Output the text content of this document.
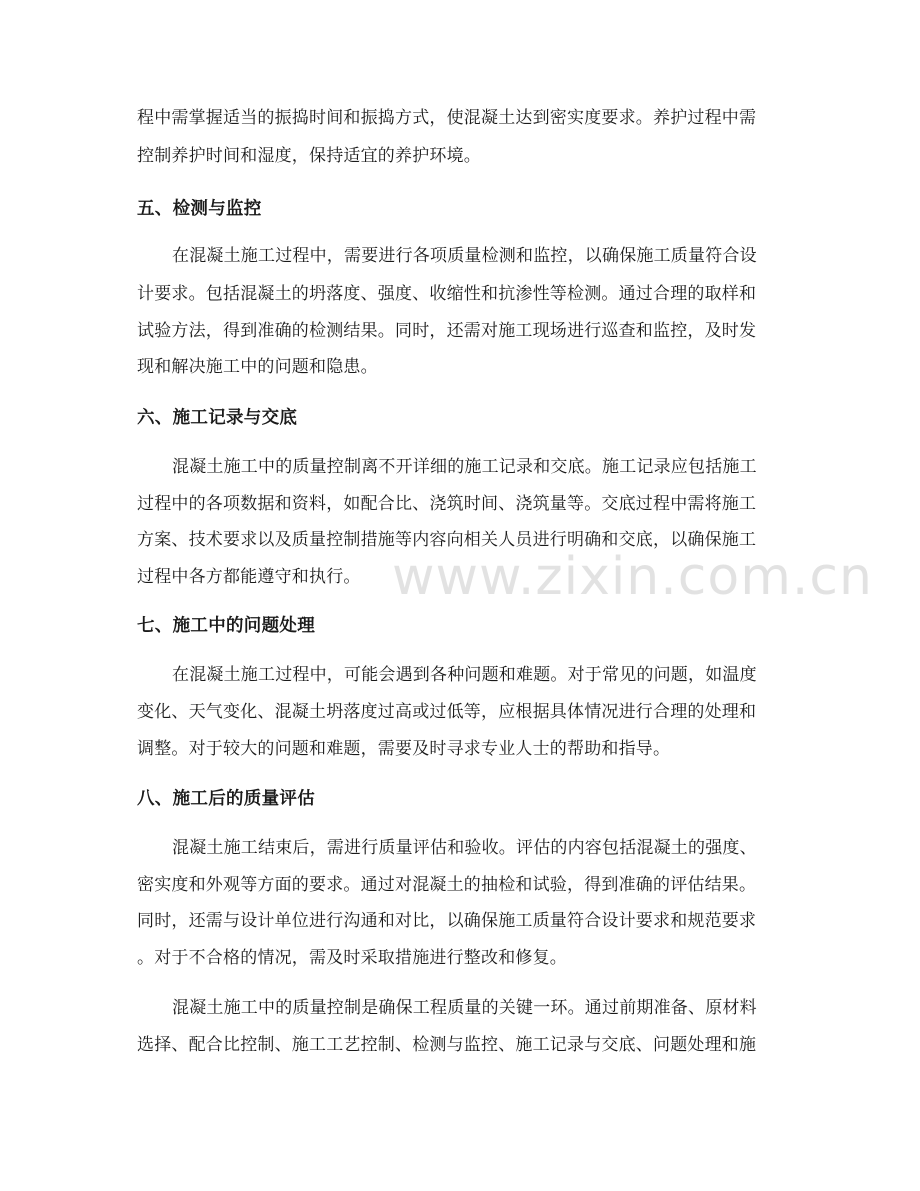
程中需掌握适当的振捣时间和振捣方式，使混凝土达到密实度要求。养护过程中需
控制养护时间和湿度，保持适宜的养护环境。
五、检测与监控
在混凝土施工过程中，需要进行各项质量检测和监控，以确保施工质量符合设
计要求。包括混凝土的坍落度、强度、收缩性和抗渗性等检测。通过合理的取样和
试验方法，得到准确的检测结果。同时，还需对施工现场进行巡查和监控，及时发
现和解决施工中的问题和隐患。
六、施工记录与交底
混凝土施工中的质量控制离不开详细的施工记录和交底。施工记录应包括施工
过程中的各项数据和资料，如配合比、浇筑时间、浇筑量等。交底过程中需将施工
方案、技术要求以及质量控制措施等内容向相关人员进行明确和交底，以确保施工
过程中各方都能遵守和执行。
七、施工中的问题处理
在混凝土施工过程中，可能会遇到各种问题和难题。对于常见的问题，如温度
变化、天气变化、混凝土坍落度过高或过低等，应根据具体情况进行合理的处理和
调整。对于较大的问题和难题，需要及时寻求专业人士的帮助和指导。
八、施工后的质量评估
混凝土施工结束后，需进行质量评估和验收。评估的内容包括混凝土的强度、
密实度和外观等方面的要求。通过对混凝土的抽检和试验，得到准确的评估结果。
同时，还需与设计单位进行沟通和对比，以确保施工质量符合设计要求和规范要求
。对于不合格的情况，需及时采取措施进行整改和修复。
混凝土施工中的质量控制是确保工程质量的关键一环。通过前期准备、原材料
选择、配合比控制、施工工艺控制、检测与监控、施工记录与交底、问题处理和施
www.zixin.com.cn
